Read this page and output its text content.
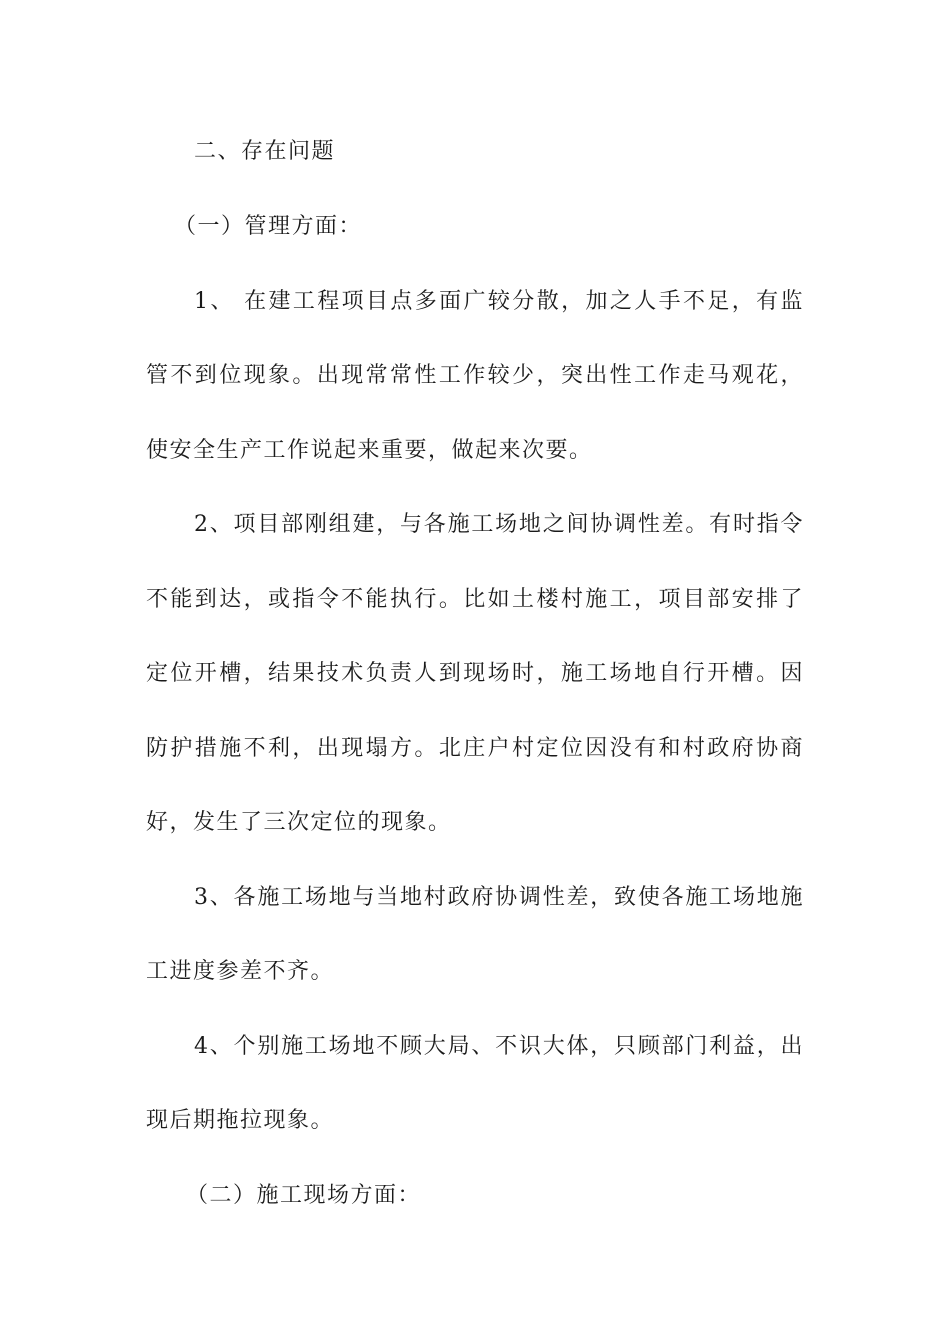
二、存在问题
（一）管理方面：
1、 在建工程项目点多面广较分散，加之人手不足，有监
管不到位现象。出现常常性工作较少，突出性工作走马观花，
使安全生产工作说起来重要，做起来次要。
2、项目部刚组建，与各施工场地之间协调性差。有时指令
不能到达，或指令不能执行。比如土楼村施工，项目部安排了
定位开槽，结果技术负责人到现场时，施工场地自行开槽。因
防护措施不利，出现塌方。北庄户村定位因没有和村政府协商
好，发生了三次定位的现象。
3、各施工场地与当地村政府协调性差，致使各施工场地施
工进度参差不齐。
4、个别施工场地不顾大局、不识大体，只顾部门利益，出
现后期拖拉现象。
（二）施工现场方面：
